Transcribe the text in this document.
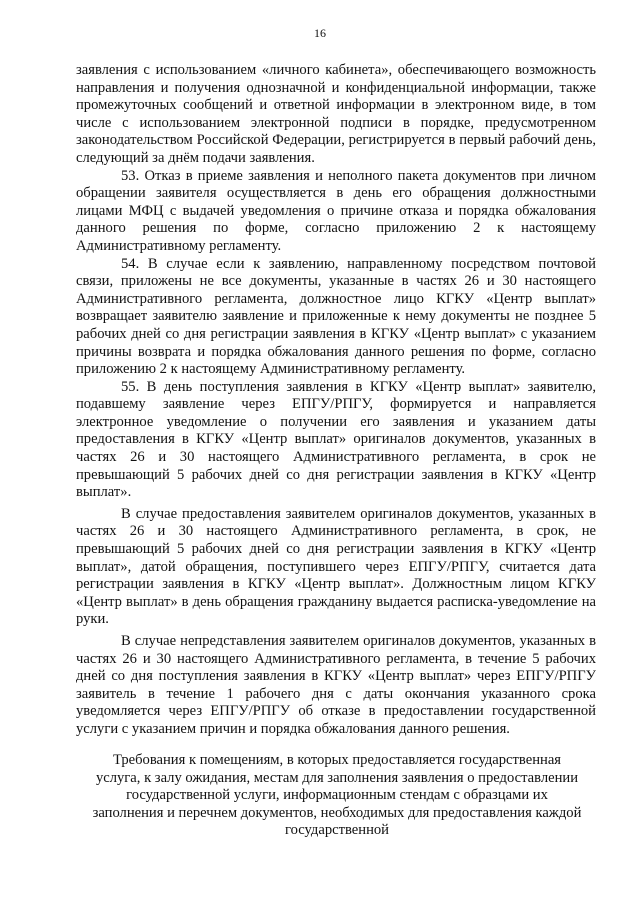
16

заявления с использованием «личного кабинета», обеспечивающего возможность направления и получения однозначной и конфиденциальной информации, также промежуточных сообщений и ответной информации в электронном виде, в том числе с использованием электронной подписи в порядке, предусмотренном законодательством Российской Федерации, регистрируется в первый рабочий день, следующий за днём подачи заявления.

53. Отказ в приеме заявления и неполного пакета документов при личном обращении заявителя осуществляется в день его обращения должностными лицами МФЦ с выдачей уведомления о причине отказа и порядка обжалования данного решения по форме, согласно приложению 2 к настоящему Административному регламенту.

54. В случае если к заявлению, направленному посредством почтовой связи, приложены не все документы, указанные в частях 26 и 30 настоящего Административного регламента, должностное лицо КГКУ «Центр выплат» возвращает заявителю заявление и приложенные к нему документы не позднее 5 рабочих дней со дня регистрации заявления в КГКУ «Центр выплат» с указанием причины возврата и порядка обжалования данного решения по форме, согласно приложению 2 к настоящему Административному регламенту.

55. В день поступления заявления в КГКУ «Центр выплат» заявителю, подавшему заявление через ЕПГУ/РПГУ, формируется и направляется электронное уведомление о получении его заявления и указанием даты предоставления в КГКУ «Центр выплат» оригиналов документов, указанных в частях 26 и 30 настоящего Административного регламента, в срок не превышающий 5 рабочих дней со дня регистрации заявления в КГКУ «Центр выплат».

В случае предоставления заявителем оригиналов документов, указанных в частях 26 и 30 настоящего Административного регламента, в срок, не превышающий 5 рабочих дней со дня регистрации заявления в КГКУ «Центр выплат», датой обращения, поступившего через ЕПГУ/РПГУ, считается дата регистрации заявления в КГКУ «Центр выплат». Должностным лицом КГКУ «Центр выплат» в день обращения гражданину выдается расписка-уведомление на руки.

В случае непредставления заявителем оригиналов документов, указанных в частях 26 и 30 настоящего Административного регламента, в течение 5 рабочих дней со дня поступления заявления в КГКУ «Центр выплат» через ЕПГУ/РПГУ заявитель в течение 1 рабочего дня с даты окончания указанного срока уведомляется через ЕПГУ/РПГУ об отказе в предоставлении государственной услуги с указанием причин и порядка обжалования данного решения.

Требования к помещениям, в которых предоставляется государственная услуга, к залу ожидания, местам для заполнения заявления о предоставлении государственной услуги, информационным стендам с образцами их заполнения и перечнем документов, необходимых для предоставления каждой государственной
